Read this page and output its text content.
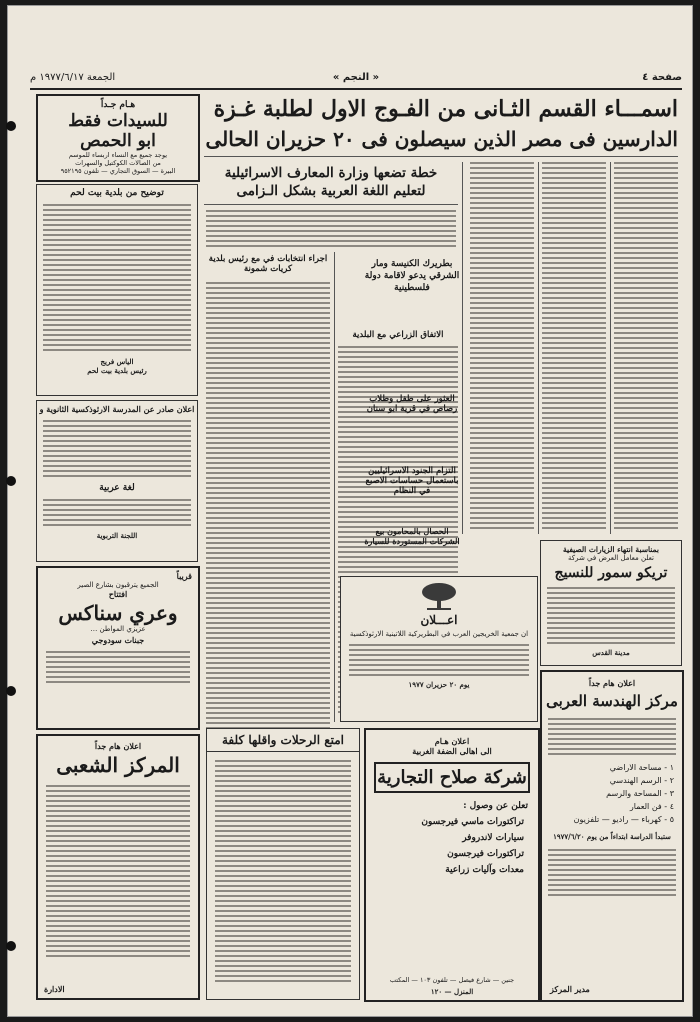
الجمعة ١٩٧٧/٦/١٧ م	« النجم »	صفحة ٤
هـام جـداً
للسيدات فقط
ابو الحمص
يوجد جميع مع النساء اربساء للموسم
من الصالات الكوكتيل والسهرات
البيرة — السوق التجاري — تلفون ٩٥٢١٩٥
توضيح من بلدية بيت لحم
الياس فريج
رئيس بلدية بيت لحم
اعلان صادر عن المدرسة الارثوذكسية الثانوية و
لغة عربية
اللجنة التربوية
قريباً
الجميع يترقبون بشارع الصير
افتتاح
وعري سناكس
عزيزي المواطن …
جبنات سودوجي
اعلان هام جداً
المركز الشعبى
الادارة
اسمـــاء القسم الثـانى من الفـوج الاول لطلبة غـزة
الدارسين فى مصر الذين سيصلون فى ٢٠ حزيران الحالى
خطة تضعها وزارة المعارف الاسرائيلية
لتعليم اللغة العربية بشكل الـزامى
اجراء انتخابات في مع رئيس بلدية كريات شمونة
الاتفاق الزراعي مع البلدية
بطريرك الكنيسة ومار الشرقي يدعو لاقامة دولة فلسطينية
العثور على طفل وطلاب رصاص في قرية ابو سنان
التزام الجنود الاسرائيليين باستعمال حساسات الاصبع في النظام
الحصال بالمحامون بيع الشركات المستوردة للسيارة
اعـــلان
ان جمعية الخريجين العرب في البطريركية اللاتينية الارثوذكسية
يوم ٢٠ حزيران ١٩٧٧
امتع الرحلات واقلها كلفة	اعلان هـام
الى اهالى الضفة الغربية
شركة صلاح التجارية
تعلن عن وصول :
تراكتورات ماسي فيرجسون
سيارات لاندروفر
تراكتورات فيرجسون
معدات وآليات زراعية
جنين — شارع فيصل — تلفون ١٠٣ — المكتب
المنزل — ١٢٠
بمناسبة انتهاء الزيارات الصيفية
تعلن معامل العرض في شركة
تريكو سمور للنسيج
مدينة القدس
اعلان هام جداً
مركز الهندسة العربى
١ - مساحة الاراضي
٢ - الرسم الهندسي
٣ - المساحة والرسم
٤ - فن العمار
٥ - كهرباء — راديو — تلفزيون
ستبدأ الدراسة ابتداءاً من يوم ١٩٧٧/٦/٢٠
مدير المركز
